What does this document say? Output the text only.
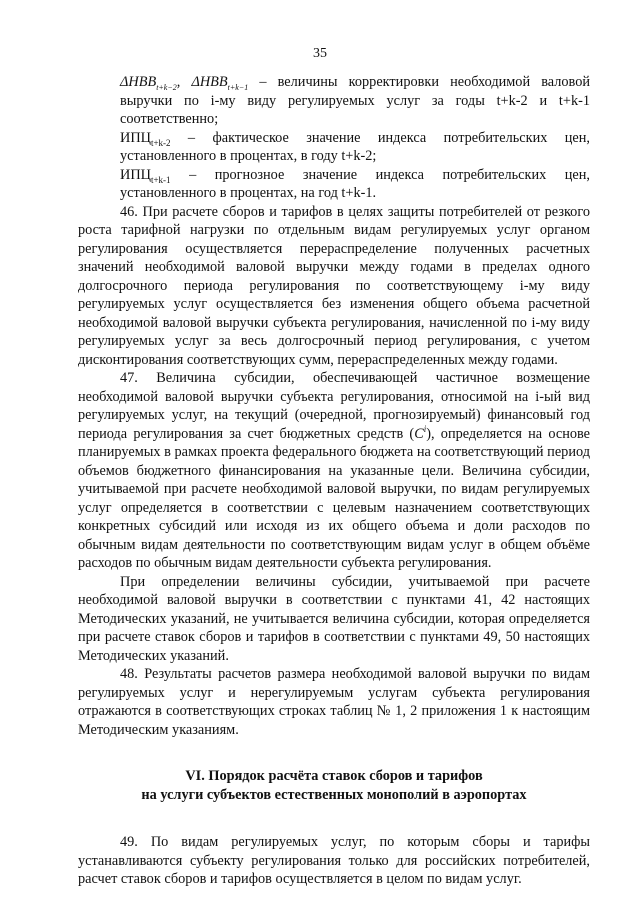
35

$\Delta HBB_{t+k-2}$, $\Delta HBB_{t+k-1}$ – величины корректировки необходимой валовой выручки по i-му виду регулируемых услуг за годы t+k-2 и t+k-1 соответственно;

$ИПЦ_{t+k-2}$ – фактическое значение индекса потребительских цен, установленного в процентах, в году t+k-2;

$ИПЦ_{t+k-1}$ – прогнозное значение индекса потребительских цен, установленного в процентах, на год t+k-1.

46. При расчете сборов и тарифов в целях защиты потребителей от резкого роста тарифной нагрузки по отдельным видам регулируемых услуг органом регулирования осуществляется перераспределение полученных расчетных значений необходимой валовой выручки между годами в пределах одного долгосрочного периода регулирования по соответствующему i-му виду регулируемых услуг осуществляется без изменения общего объема расчетной необходимой валовой выручки субъекта регулирования, начисленной по i-му виду регулируемых услуг за весь долгосрочный период регулирования, с учетом дисконтирования соответствующих сумм, перераспределенных между годами.

47. Величина субсидии, обеспечивающей частичное возмещение необходимой валовой выручки субъекта регулирования, относимой на i-ый вид регулируемых услуг, на текущий (очередной, прогнозируемый) финансовый год периода регулирования за счет бюджетных средств $(C^i)$, определяется на основе планируемых в рамках проекта федерального бюджета на соответствующий период объемов бюджетного финансирования на указанные цели. Величина субсидии, учитываемой при расчете необходимой валовой выручки, по видам регулируемых услуг определяется в соответствии с целевым назначением соответствующих конкретных субсидий или исходя из их общего объема и доли расходов по обычным видам деятельности по соответствующим видам услуг в общем объёме расходов по обычным видам деятельности субъекта регулирования.

При определении величины субсидии, учитываемой при расчете необходимой валовой выручки в соответствии с пунктами 41, 42 настоящих Методических указаний, не учитывается величина субсидии, которая определяется при расчете ставок сборов и тарифов в соответствии с пунктами 49, 50 настоящих Методических указаний.

48. Результаты расчетов размера необходимой валовой выручки по видам регулируемых услуг и нерегулируемым услугам субъекта регулирования отражаются в соответствующих строках таблиц № 1, 2 приложения 1 к настоящим Методическим указаниям.

VI. Порядок расчёта ставок сборов и тарифов
на услуги субъектов естественных монополий в аэропортах

49. По видам регулируемых услуг, по которым сборы и тарифы устанавливаются субъекту регулирования только для российских потребителей, расчет ставок сборов и тарифов осуществляется в целом по видам услуг.
